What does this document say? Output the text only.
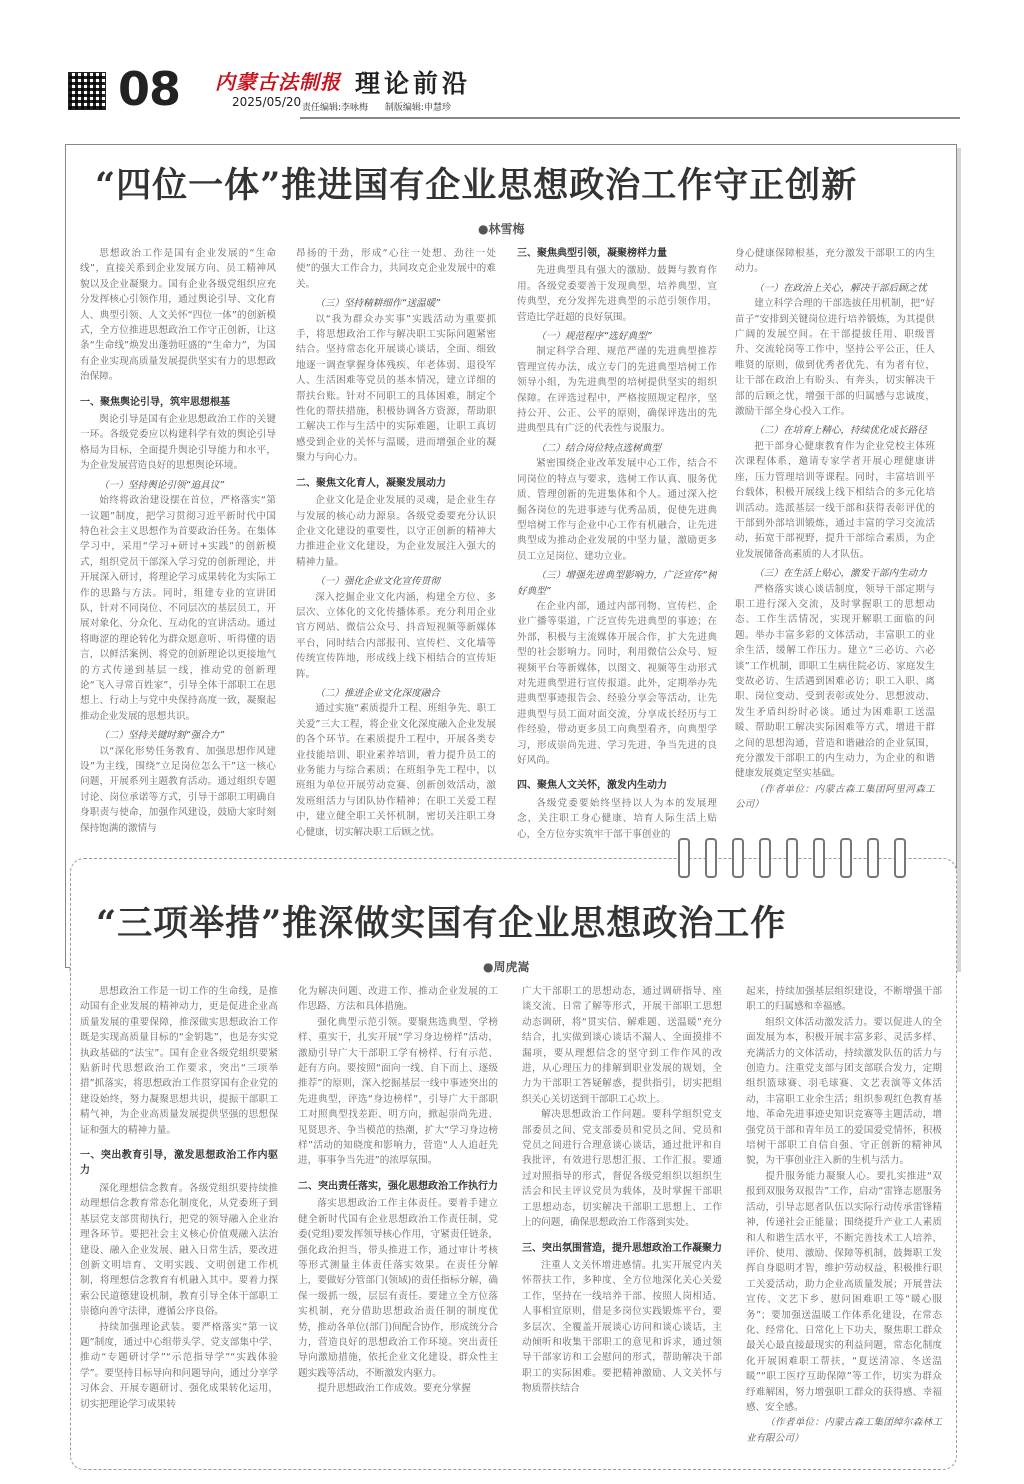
08 内蒙古法制报
2025/05/20
理论前沿
责任编辑:李咏梅 制版编辑:申慧珍
“四位一体”推进国有企业思想政治工作守正创新
●林雪梅

思想政治工作是国有企业发展的“生命线”，直接关系到企业发展方向、员工精神风貌以及企业凝聚力。国有企业各级党组织应充分发挥核心引领作用，通过舆论引导、文化育人、典型引领、人文关怀“四位一体”的创新模式，全方位推进思想政治工作守正创新，让这条“生命线”焕发出蓬勃旺盛的“生命力”，为国有企业实现高质量发展提供坚实有力的思想政治保障。

一、聚焦舆论引导，筑牢思想根基

舆论引导是国有企业思想政治工作的关键一环。各级党委应以构建科学有效的舆论引导格局为目标，全面提升舆论引导能力和水平，为企业发展营造良好的思想舆论环境。

（一）坚持舆论引领“追具议”

始终将政治建设摆在首位，严格落实“第一议题”制度，把学习贯彻习近平新时代中国特色社会主义思想作为首要政治任务。在集体学习中，采用“学习+研讨+实践”的创新模式，组织党员干部深入学习党的创新理论，并开展深入研讨，将理论学习成果转化为实际工作的思路与方法。同时，组建专业的宣讲团队，针对不同岗位、不同层次的基层员工，开展对象化、分众化、互动化的宣讲活动。通过将晦涩的理论转化为群众愿意听、听得懂的语言，以鲜活案例、将党的创新理论以更接地气的方式传递到基层一线，推动党的创新理论“飞入寻常百姓家”，引导全体干部职工在思想上、行动上与党中央保持高度一致，凝聚起推动企业发展的思想共识。

（二）坚持关键时刻“强合力”

以“深化形势任务教育、加强思想作风建设”为主线，围绕“立足岗位怎么干”这一核心问题，开展系列主题教育活动。通过组织专题讨论、岗位承诺等方式，引导干部职工明确自身职责与使命，加强作风建设，鼓励大家时刻保持饱满的激情与

昂扬的干劲，形成“心往一处想、劲往一处使”的强大工作合力，共同攻克企业发展中的难关。

（三）坚持精耕细作“送温暖”

以“我为群众办实事”实践活动为重要抓手，将思想政治工作与解决职工实际问题紧密结合。坚持常态化开展谈心谈话，全面、细致地逐一调查掌握身体残疾、年老体弱、退役军人、生活困难等党员的基本情况，建立详细的帮扶台账。针对不同职工的具体困难，制定个性化的帮扶措施，积极协调各方资源，帮助职工解决工作与生活中的实际难题，让职工真切感受到企业的关怀与温暖，进而增强企业的凝聚力与向心力。

二、聚焦文化育人，凝聚发展动力

企业文化是企业发展的灵魂，是企业生存与发展的核心动力源泉。各级党委要充分认识企业文化建设的重要性，以守正创新的精神大力推进企业文化建设，为企业发展注入强大的精神力量。

（一）强化企业文化宣传贯彻

深入挖掘企业文化内涵，构建全方位、多层次、立体化的文化传播体系。充分利用企业官方网站、微信公众号、抖音短视频等新媒体平台，同时结合内部报刊、宣传栏、文化墙等传统宣传阵地，形成线上线下相结合的宣传矩阵。

（二）推进企业文化深度融合

通过实施“素质提升工程、班组争先、职工关爱”三大工程，将企业文化深度融入企业发展的各个环节。在素质提升工程中，开展各类专业技能培训、职业素养培训，着力提升员工的业务能力与综合素质；在班组争先工程中，以班组为单位开展劳动竞赛、创新创效活动，激发班组活力与团队协作精神；在职工关爱工程中，建立健全职工关怀机制，密切关注职工身心健康，切实解决职工后顾之忧。

三、聚焦典型引领，凝聚榜样力量

先进典型具有强大的激励、鼓舞与教育作用。各级党委要善于发现典型、培养典型、宣传典型，充分发挥先进典型的示范引领作用，营造比学赶超的良好氛围。

（一）规范程序“选好典型”

制定科学合理、规范严谨的先进典型推荐管理宣传办法，成立专门的先进典型培树工作领导小组，为先进典型的培树提供坚实的组织保障。在评选过程中，严格按照规定程序，坚持公开、公正、公平的原则，确保评选出的先进典型具有广泛的代表性与说服力。

（二）结合岗位特点选树典型

紧密围绕企业改革发展中心工作，结合不同岗位的特点与要求，选树工作认真、服务优质、管理创新的先进集体和个人。通过深入挖掘各岗位的先进事迹与优秀品质，促使先进典型培树工作与企业中心工作有机融合，让先进典型成为推动企业发展的中坚力量，激励更多员工立足岗位、建功立业。

（三）增强先进典型影响力，广泛宣传“树好典型”

在企业内部，通过内部刊物、宣传栏、企业广播等渠道，广泛宣传先进典型的事迹；在外部，积极与主流媒体开展合作，扩大先进典型的社会影响力。同时，利用微信公众号、短视频平台等新媒体，以图文、视频等生动形式对先进典型进行宣传报道。此外，定期举办先进典型事迹报告会、经验分享会等活动，让先进典型与员工面对面交流，分享成长经历与工作经验，带动更多员工向典型看齐，向典型学习，形成崇尚先进、学习先进、争当先进的良好风尚。

四、聚焦人文关怀，激发内生动力

各级党委要始终坚持以人为本的发展理念，关注职工身心健康、培育人际生活上贴心，全方位夯实筑牢干部干事创业的

身心健康保障根基，充分激发干部职工的内生动力。

（一）在政治上关心，解决干部后顾之忧

建立科学合理的干部选拔任用机制，把“好苗子”安排到关键岗位进行培养锻炼，为其提供广阔的发展空间。在干部提拔任用、职级晋升、交流轮岗等工作中，坚持公平公正，任人唯贤的原则，做到优秀者优先、有为者有位，让干部在政治上有盼头、有奔头，切实解决干部的后顾之忧，增强干部的归属感与忠诚度，激励干部全身心投入工作。

（二）在培育上精心，持续优化成长路径

把干部身心健康教育作为企业党校主体班次课程体系，邀请专家学者开展心理健康讲座，压力管理培训等课程。同时，丰富培训平台载体，积极开展线上线下相结合的多元化培训活动。选派基层一线干部和获得表彰评优的干部到外部培训锻炼，通过丰富的学习交流活动，拓宽干部视野，提升干部综合素质，为企业发展储备高素质的人才队伍。

（三）在生活上贴心，激发干部内生动力

严格落实谈心谈话制度，领导干部定期与职工进行深入交流，及时掌握职工的思想动态、工作生活情况，实现开解职工面临的问题。举办丰富多彩的文体活动，丰富职工的业余生活，缓解工作压力。建立“三必访、六必谈”工作机制，即职工生病住院必访、家庭发生变故必访、生活遇到困难必访；职工入职、离职、岗位变动、受到表彰或处分、思想波动、发生矛盾纠纷时必谈。通过为困难职工送温暖、帮助职工解决实际困难等方式，增进干群之间的思想沟通，营造和谐融洽的企业氛围，充分激发干部职工的内生动力，为企业的和谐健康发展奠定坚实基础。

（作者单位：内蒙古森工集团阿里河森工公司）

“三项举措”推深做实国有企业思想政治工作
●周虎嵩

思想政治工作是一切工作的生命线，是推动国有企业发展的精神动力，更是促进企业高质量发展的重要保障，推深做实思想政治工作既是实现高质量目标的“金钥匙”，也是夯实党执政基础的“法宝”。国有企业各级党组织要紧贴新时代思想政治工作要求，突出“三项举措”抓落实，将思想政治工作贯穿国有企业党的建设始终，努力凝聚思想共识，提振干部职工精气神，为企业高质量发展提供坚强的思想保证和强大的精神力量。

一、突出教育引导，激发思想政治工作内驱力

深化理想信念教育。各级党组织要持续推动理想信念教育常态化制度化，从党委班子到基层党支部贯彻执行，把党的领导融入企业治理各环节。要把社会主义核心价值观融入法治建设、融入企业发展、融入日常生活，要改进创新文明培育、文明实践、文明创建工作机制，将理想信念教育有机融入其中。要着力探索公民道德建设机制，教育引导全体干部职工崇德向善守法律，遵循公序良俗。

持续加强理论武装。要严格落实“第一议题”制度，通过中心组带头学、党支部集中学、推动“专题研讨学”“示范指导学”“实践体验学”。要坚持目标导向和问题导向，通过分享学习体会、开展专题研讨、强化成果转化运用，切实把理论学习成果转

化为解决问题、改进工作、推动企业发展的工作思路、方法和具体措施。

强化典型示范引领。要聚焦选典型、学榜样、重实干，扎实开展“学习身边榜样”活动，激励引导广大干部职工学有榜样、行有示范、赶有方向。要按照“面向一线、自下而上、逐级推荐”的原则，深入挖掘基层一线中事迹突出的先进典型，评选“身边榜样”，引导广大干部职工对照典型找差距、明方向，掀起崇尚先进、见贤思齐、争当模范的热潮，扩大“学习身边榜样”活动的知晓度和影响力，营造“人人追赶先进，事事争当先进”的浓厚氛围。

二、突出责任落实，强化思想政治工作执行力

落实思想政治工作主体责任。要着手建立健全新时代国有企业思想政治工作责任制，党委(党组)要发挥领导核心作用，守紧责任链条，强化政治担当，带头推进工作，通过审计考核等形式测量主体责任落实效果。在责任分解上，要做好分管部门(领域)的责任指标分解，确保一级抓一级，层层有责任。要建立全方位落实机制，充分借助思想政治责任制的制度优势，推动各单位(部门)间配合协作，形成统分合力，营造良好的思想政治工作环境。突出责任导向激励措施，依托企业文化建设、群众性主题实践等活动，不断激发内驱力。

提升思想政治工作成效。要充分掌握

广大干部职工的思想动态，通过调研指导、座谈交流、日常了解等形式，开展干部职工思想动态调研，将“贯实信、解难题、送温暖”充分结合，扎实做到谈心谈话不漏人、全面摸排不漏项，要从理想信念的坚守到工作作风的改进，从心理压力的排解到职业发展的规划，全力为干部职工答疑解惑，提供指引，切实把组织关心关切送到干部职工心坎上。

解决思想政治工作问题。要科学组织党支部委员之间、党支部委员和党员之间、党员和党员之间进行合理意谈心谈话，通过批评和自我批评，有效进行思想汇报、工作汇报。要通过对照指导的形式，督促各级党组织以组织生活会和民主评议党员为载体，及时掌握干部职工思想动态，切实解决干部职工思想上、工作上的问题，确保思想政治工作落到实处。

三、突出氛围营造，提升思想政治工作凝聚力

注重人文关怀增进感情。扎实开展党内关怀帮扶工作，多种度、全方位地深化关心关爱工作，坚持在一线培养干部、按照人岗相适、人事相宜原则，借是多岗位实践锻炼平台，要多层次、全覆盖开展谈心访问和谈心谈话，主动倾听和收集干部职工的意见和诉求，通过领导干部家访和工会慰问的形式，帮助解决干部职工的实际困难。要把精神激励、人文关怀与物质帮扶结合

起来，持续加强基层组织建设，不断增强干部职工的归属感和幸福感。

组织文体活动激发活力。要以促进人的全面发展为本，积极开展丰富多彩、灵活多样、充满活力的文体活动，持续激发队伍的活力与创造力。注重党支部与团支部联合发力，定期组织篮球赛、羽毛球赛、文艺表演等文体活动，丰富职工业余生活；组织参观红色教育基地、革命先进事迹史知识竞赛等主题活动，增强党员干部和青年员工的爱国爱党情怀，积极培树干部职工自信自强、守正创新的精神风貌，为干事创业注入新的生机与活力。

提升服务能力凝聚人心。要扎实推进“双报到双服务双报告”工作，启动“雷锋志愿服务活动，引导志愿者队伍以实际行动传承雷锋精神，传递社会正能量；围绕提升产业工人素质和人和谐生活水平，不断完善技术工人培养、评价、使用、激励、保障等机制，鼓舞职工发挥自身聪明才智，维护劳动权益，积极推行职工关爱活动，助力企业高质量发展；开展普法宣传、文艺下乡、慰问困难职工等“暖心服务”；要加强送温暖工作体系化建设，在常态化、经常化、日常化上下功夫，聚焦职工群众最关心最直接最现实的利益问题，常态化制度化开展困难职工帮扶，“夏送清凉、冬送温暖”“职工医疗互助保障”等工作，切实为群众纾难解困，努力增强职工群众的获得感、幸福感、安全感。

（作者单位：内蒙古森工集团绰尔森林工业有限公司）
